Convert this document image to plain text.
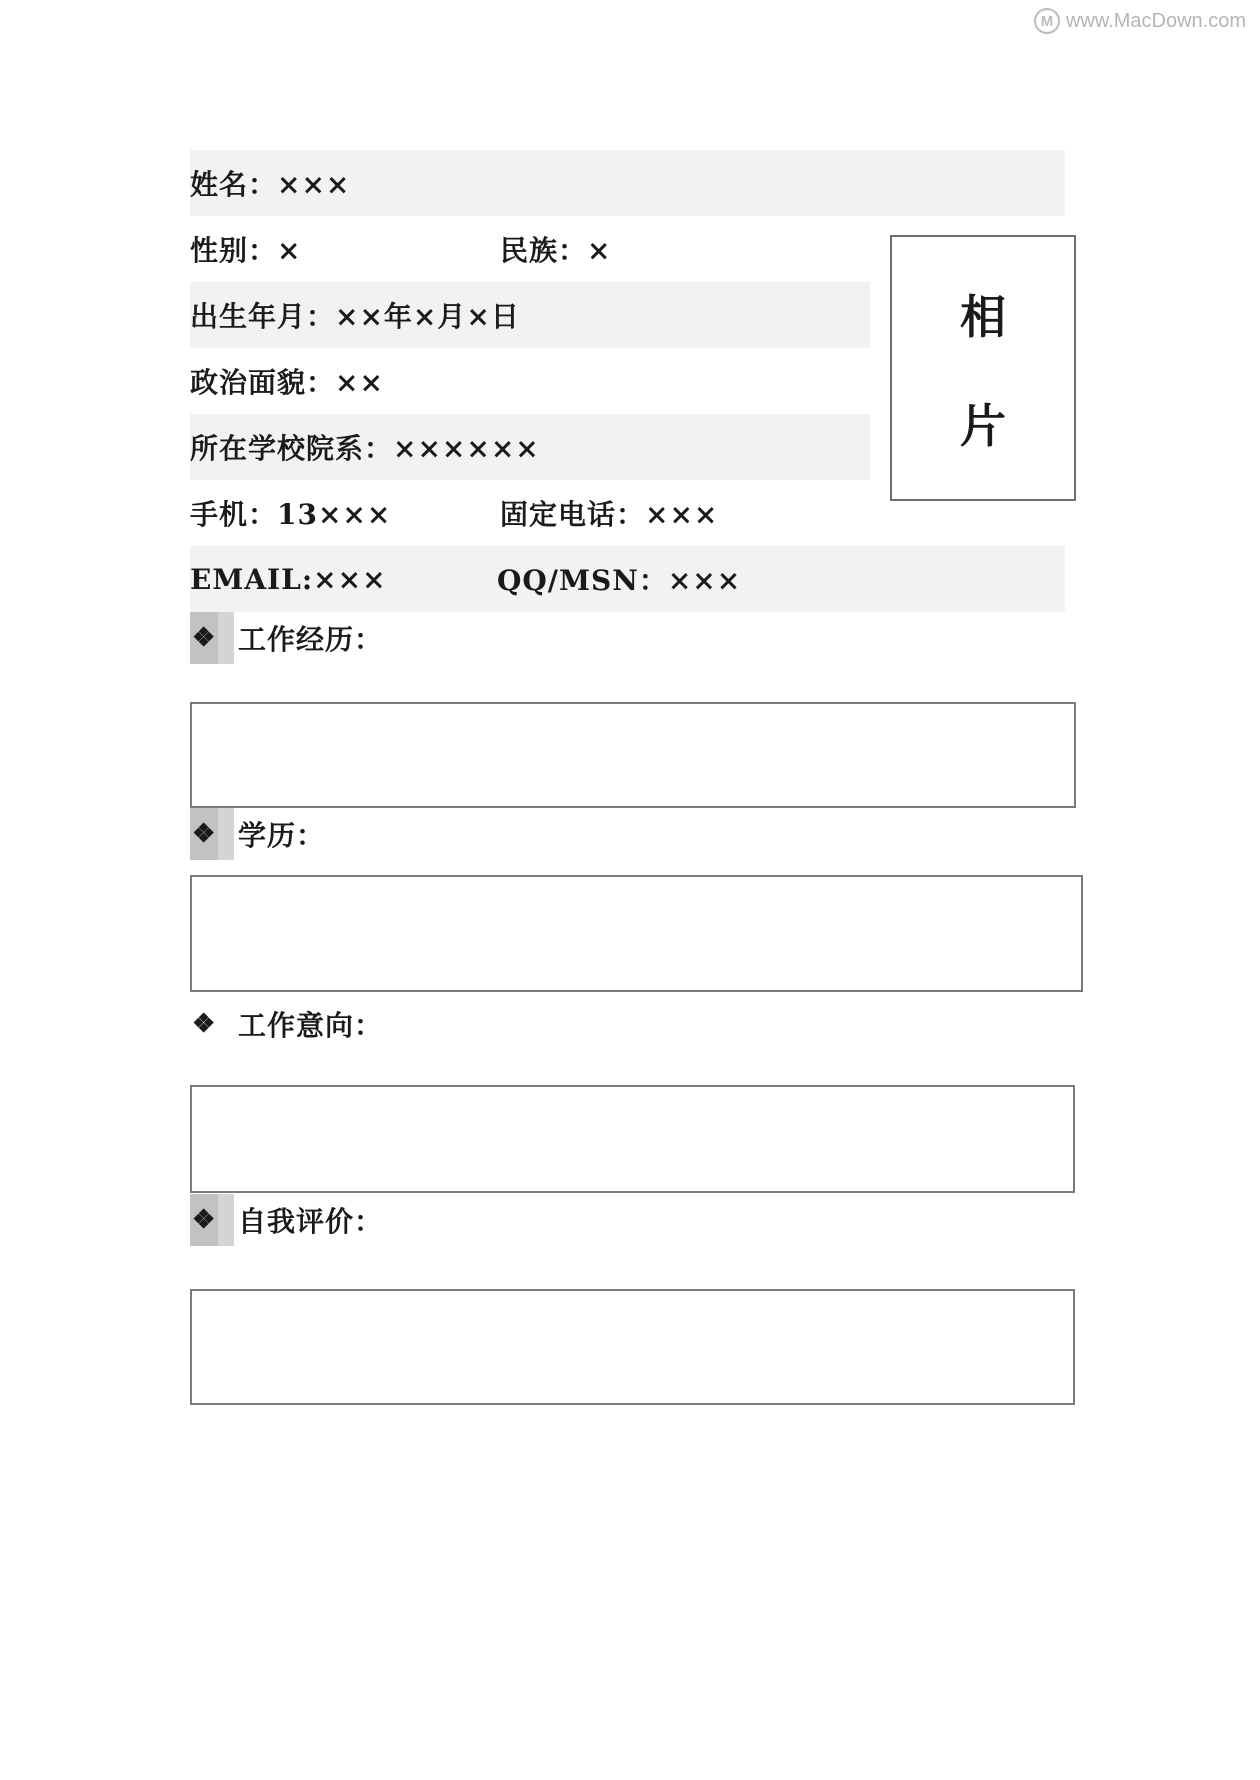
M www.MacDown.com
姓名：×××
性别：×	民族：×
出生年月：××年×月×日
政治面貌：××
所在学校院系：××××××
手机：13×××	固定电话：×××
EMAIL:×××	QQ/MSN：×××
相
片
❖ 工作经历：
❖ 学历：
❖ 工作意向：
❖ 自我评价：
